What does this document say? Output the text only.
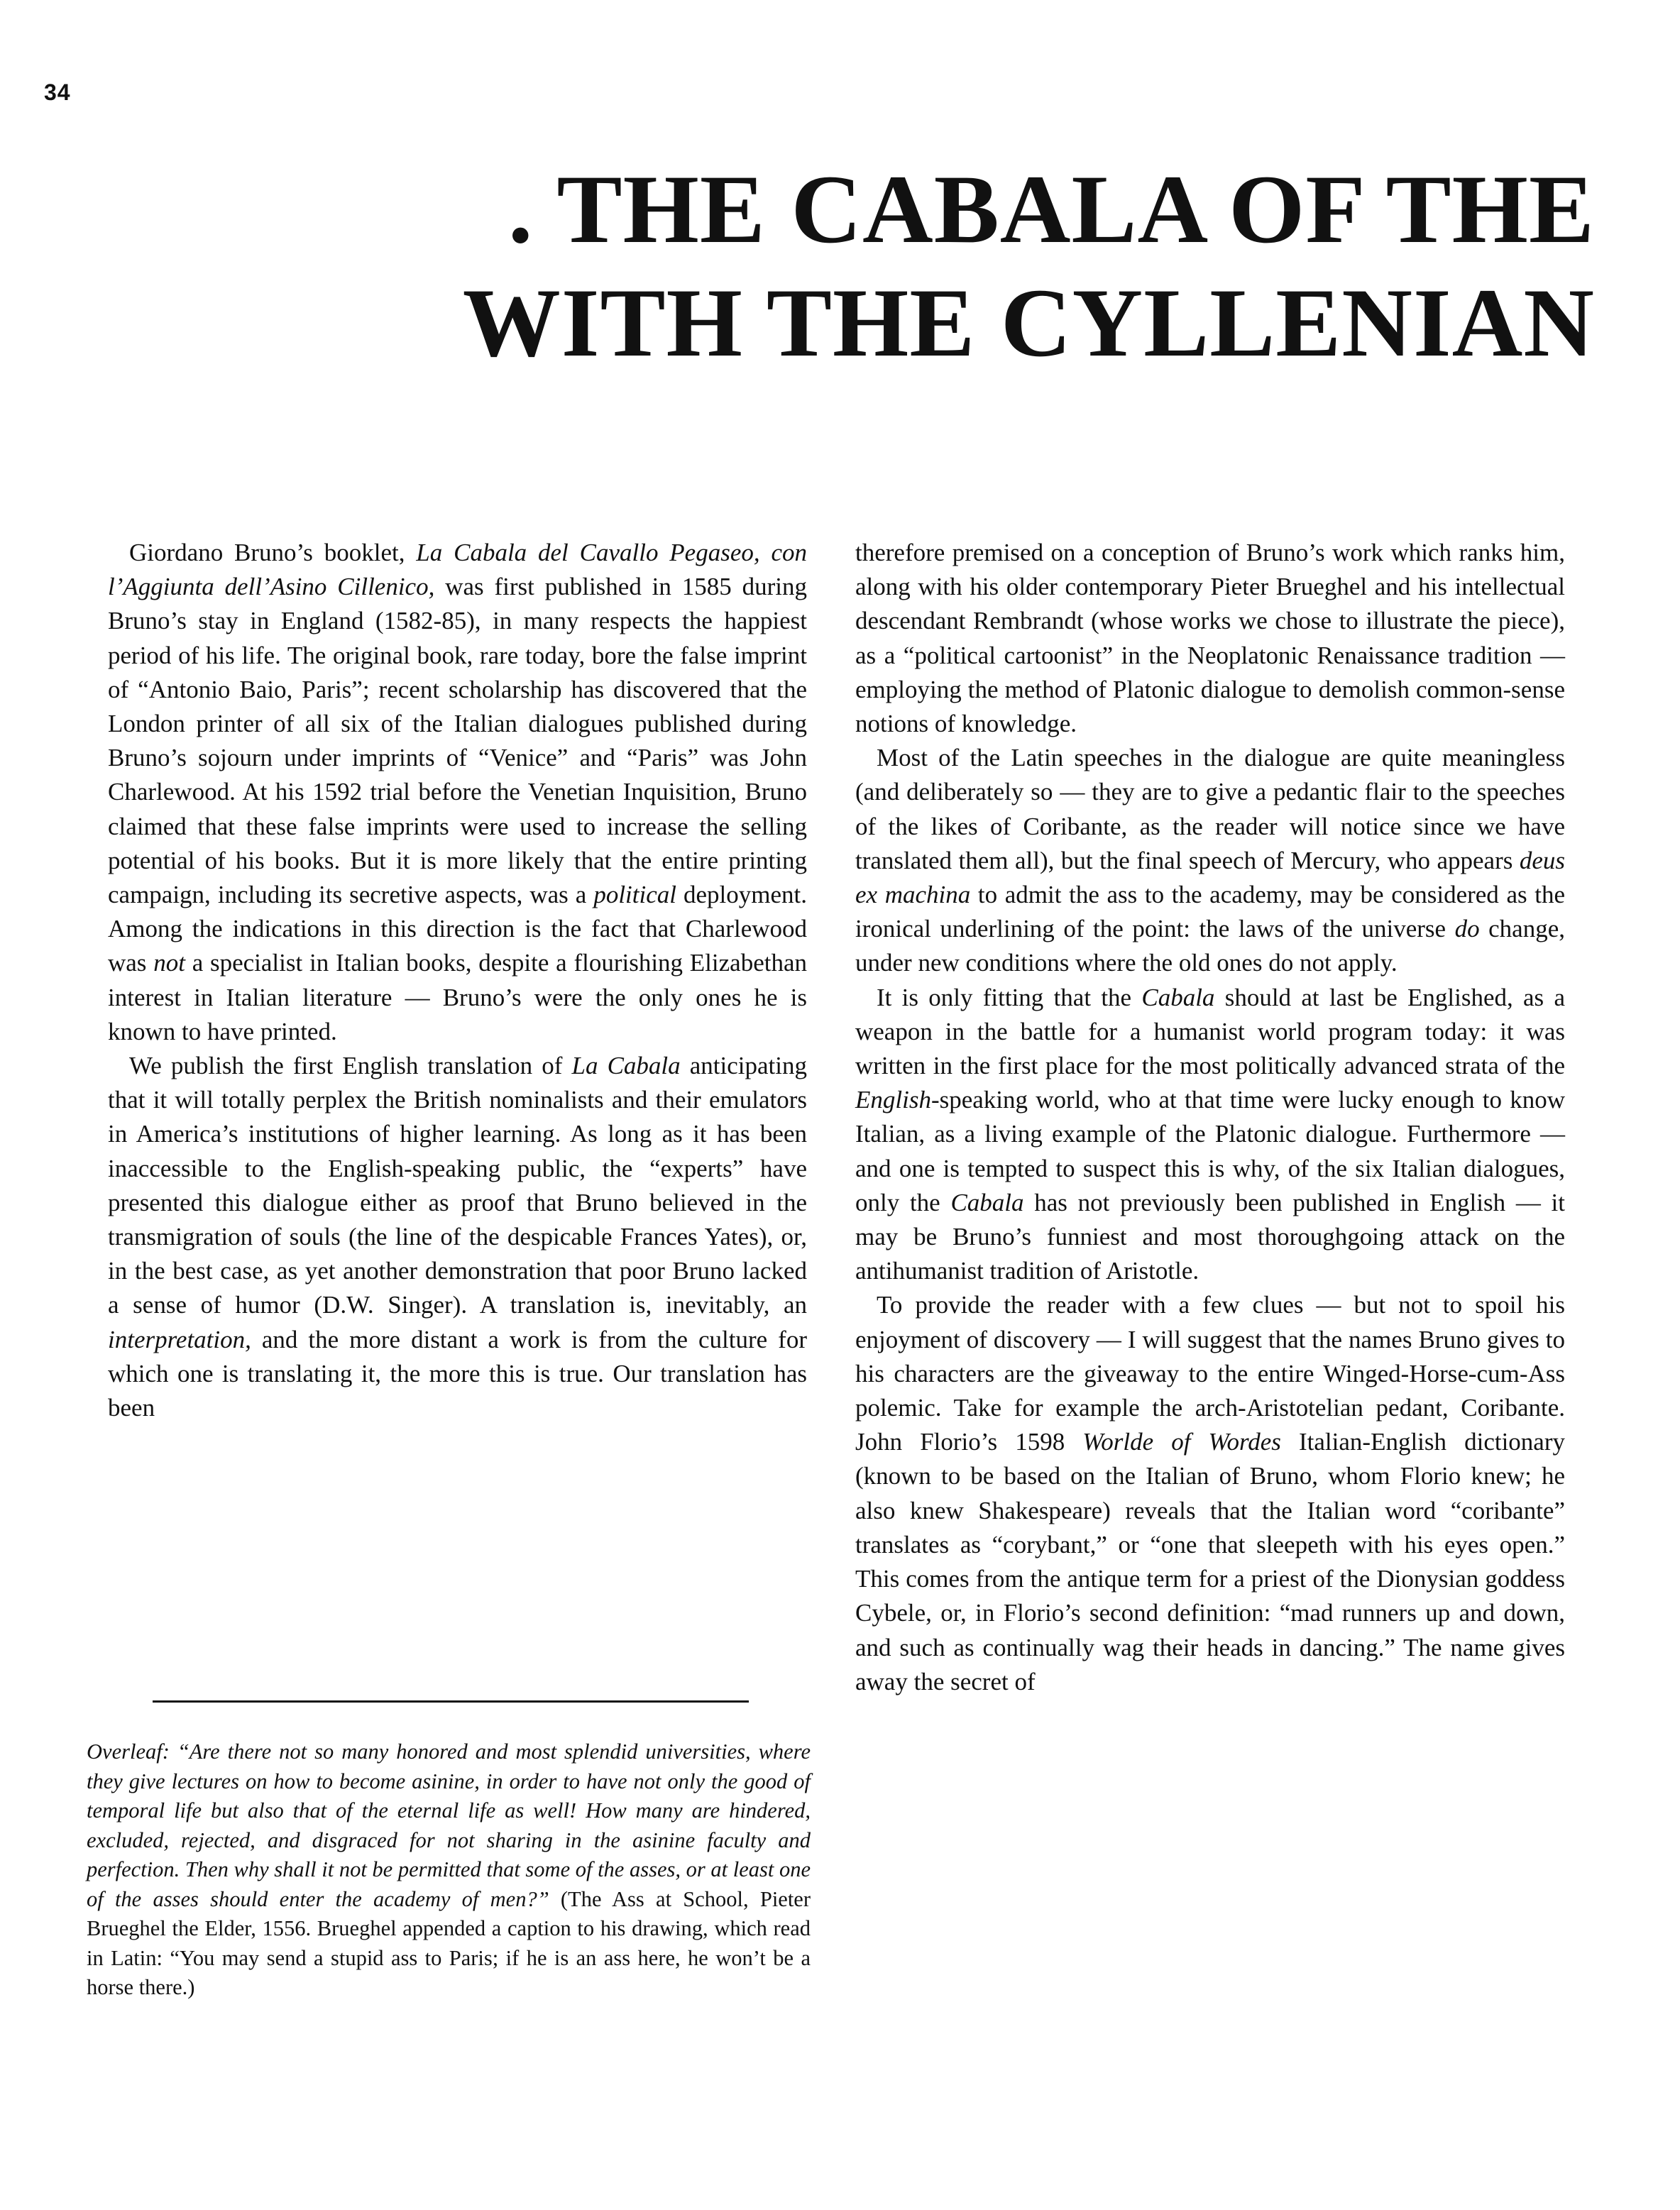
34
. THE CABALA OF THE
WITH THE CYLLENIAN

Giordano Bruno’s booklet, La Cabala del Cavallo Pegaseo, con l’Aggiunta dell’Asino Cillenico, was first published in 1585 during Bruno’s stay in England (1582-85), in many respects the happiest period of his life. The original book, rare today, bore the false imprint of “Antonio Baio, Paris”; recent scholarship has discovered that the London printer of all six of the Italian dialogues published during Bruno’s sojourn under imprints of “Venice” and “Paris” was John Charlewood. At his 1592 trial before the Venetian Inquisition, Bruno claimed that these false imprints were used to increase the selling potential of his books. But it is more likely that the entire printing campaign, including its secretive aspects, was a political deployment. Among the indications in this direction is the fact that Charlewood was not a specialist in Italian books, despite a flourishing Elizabethan interest in Italian literature — Bruno’s were the only ones he is known to have printed.

We publish the first English translation of La Cabala anticipating that it will totally perplex the British nominalists and their emulators in America’s institutions of higher learning. As long as it has been inaccessible to the English-speaking public, the “experts” have presented this dialogue either as proof that Bruno believed in the transmigration of souls (the line of the despicable Frances Yates), or, in the best case, as yet another demonstration that poor Bruno lacked a sense of humor (D.W. Singer). A translation is, inevitably, an interpretation, and the more distant a work is from the culture for which one is translating it, the more this is true. Our translation has been

Overleaf: “Are there not so many honored and most splendid universities, where they give lectures on how to become asinine, in order to have not only the good of temporal life but also that of the eternal life as well! How many are hindered, excluded, rejected, and disgraced for not sharing in the asinine faculty and perfection. Then why shall it not be permitted that some of the asses, or at least one of the asses should enter the academy of men?” (The Ass at School, Pieter Brueghel the Elder, 1556. Brueghel appended a caption to his drawing, which read in Latin: “You may send a stupid ass to Paris; if he is an ass here, he won’t be a horse there.)

therefore premised on a conception of Bruno’s work which ranks him, along with his older contemporary Pieter Brueghel and his intellectual descendant Rembrandt (whose works we chose to illustrate the piece), as a “political cartoonist” in the Neoplatonic Renaissance tradition — employing the method of Platonic dialogue to demolish common-sense notions of knowledge.

Most of the Latin speeches in the dialogue are quite meaningless (and deliberately so — they are to give a pedantic flair to the speeches of the likes of Coribante, as the reader will notice since we have translated them all), but the final speech of Mercury, who appears deus ex machina to admit the ass to the academy, may be considered as the ironical underlining of the point: the laws of the universe do change, under new conditions where the old ones do not apply.

It is only fitting that the Cabala should at last be Englished, as a weapon in the battle for a humanist world program today: it was written in the first place for the most politically advanced strata of the English-speaking world, who at that time were lucky enough to know Italian, as a living example of the Platonic dialogue. Furthermore — and one is tempted to suspect this is why, of the six Italian dialogues, only the Cabala has not previously been published in English — it may be Bruno’s funniest and most thoroughgoing attack on the antihumanist tradition of Aristotle.

To provide the reader with a few clues — but not to spoil his enjoyment of discovery — I will suggest that the names Bruno gives to his characters are the giveaway to the entire Winged-Horse-cum-Ass polemic. Take for example the arch-Aristotelian pedant, Coribante. John Florio’s 1598 Worlde of Wordes Italian-English dictionary (known to be based on the Italian of Bruno, whom Florio knew; he also knew Shakespeare) reveals that the Italian word “coribante” translates as “corybant,” or “one that sleepeth with his eyes open.” This comes from the antique term for a priest of the Dionysian goddess Cybele, or, in Florio’s second definition: “mad runners up and down, and such as continually wag their heads in dancing.” The name gives away the secret of
